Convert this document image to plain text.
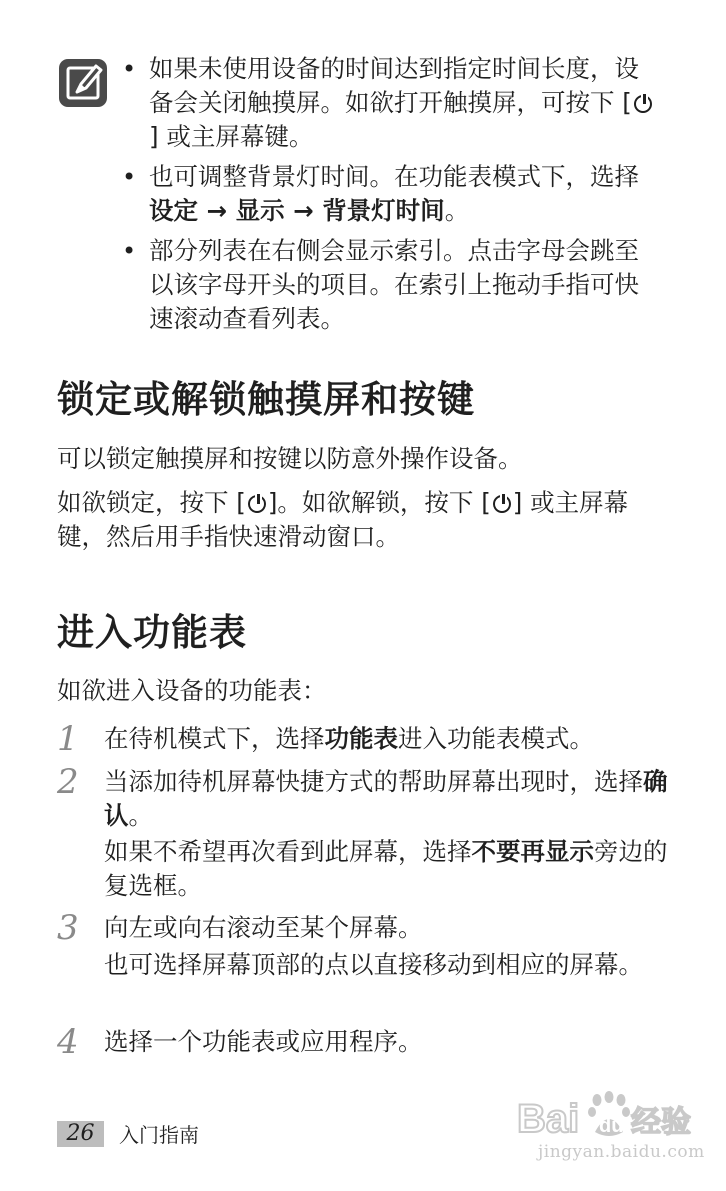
• 如果未使用设备的时间达到指定时间长度，设备会关闭触摸屏。如欲打开触摸屏，可按下 [] 或主屏幕键。
• 也可调整背景灯时间。在功能表模式下，选择设定 → 显示 → 背景灯时间。
• 部分列表在右侧会显示索引。点击字母会跳至以该字母开头的项目。在索引上拖动手指可快速滚动查看列表。
锁定或解锁触摸屏和按键

可以锁定触摸屏和按键以防意外操作设备。

如欲锁定，按下 [ ]。如欲解锁，按下 [ ] 或主屏幕键，然后用手指快速滑动窗口。

进入功能表

如欲进入设备的功能表：

1 在待机模式下，选择功能表进入功能表模式。

2 当添加待机屏幕快捷方式的帮助屏幕出现时，选择确认。

如果不希望再次看到此屏幕，选择不要再显示旁边的复选框。

3 向左或向右滚动至某个屏幕。

也可选择屏幕顶部的点以直接移动到相应的屏幕。

4 选择一个功能表或应用程序。

26	入门指南	Bai du 经验
jingyan.baidu.com
